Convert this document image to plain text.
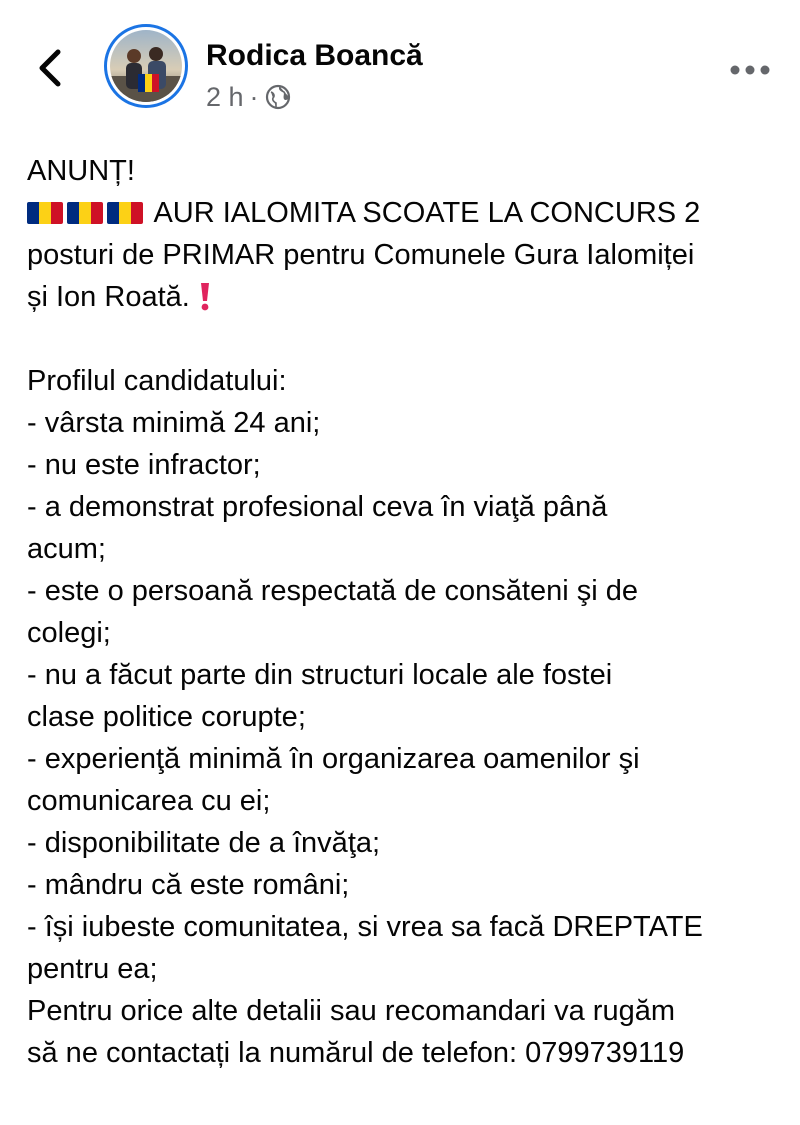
Rodica Boancă
2 h ·
ANUNȚ!
AUR IALOMITA SCOATE LA CONCURS 2
posturi de PRIMAR pentru Comunele Gura Ialomiței
și Ion Roată.
Profilul candidatului:
- vârsta minimă 24 ani;
- nu este infractor;
- a demonstrat profesional ceva în viaţă până
acum;
- este o persoană respectată de consăteni şi de
colegi;
- nu a făcut parte din structuri locale ale fostei
clase politice corupte;
- experienţă minimă în organizarea oamenilor şi
comunicarea cu ei;
- disponibilitate de a învăţa;
- mândru că este români;
- își iubeste comunitatea, si vrea sa facă DREPTATE
pentru ea;
Pentru orice alte detalii sau recomandari va rugăm
să ne contactați la numărul de telefon: 0799739119
